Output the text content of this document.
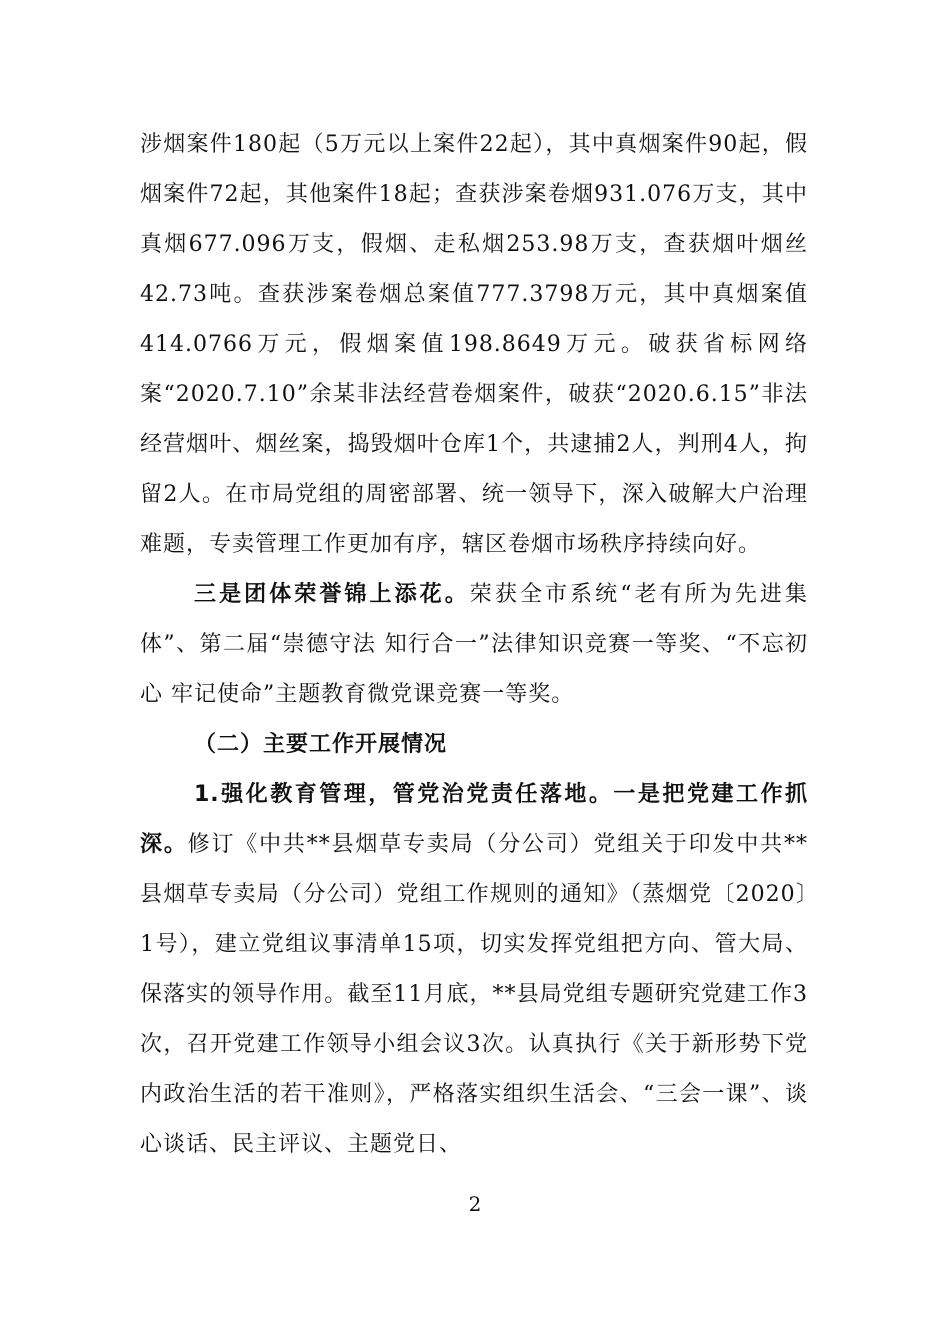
涉烟案件180起（5万元以上案件22起），其中真烟案件90起，假烟案件72起，其他案件18起；查获涉案卷烟931.076万支，其中真烟677.096万支，假烟、走私烟253.98万支，查获烟叶烟丝42.73吨。查获涉案卷烟总案值777.3798万元，其中真烟案值414.0766万元，假烟案值198.8649万元。破获省标网络案“2020.7.10”余某非法经营卷烟案件，破获“2020.6.15”非法经营烟叶、烟丝案，捣毁烟叶仓库1个，共逮捕2人，判刑4人，拘留2人。在市局党组的周密部署、统一领导下，深入破解大户治理难题，专卖管理工作更加有序，辖区卷烟市场秩序持续向好。

三是团体荣誉锦上添花。荣获全市系统“老有所为先进集体”、第二届“崇德守法 知行合一”法律知识竞赛一等奖、“不忘初心 牢记使命”主题教育微党课竞赛一等奖。

（二）主要工作开展情况

1.强化教育管理，管党治党责任落地。一是把党建工作抓深。修订《中共**县烟草专卖局（分公司）党组关于印发中共**县烟草专卖局（分公司）党组工作规则的通知》（蒸烟党〔2020〕1号），建立党组议事清单15项，切实发挥党组把方向、管大局、保落实的领导作用。截至11月底，**县局党组专题研究党建工作3次，召开党建工作领导小组会议3次。认真执行《关于新形势下党内政治生活的若干准则》，严格落实组织生活会、“三会一课”、谈心谈话、民主评议、主题党日、

2
